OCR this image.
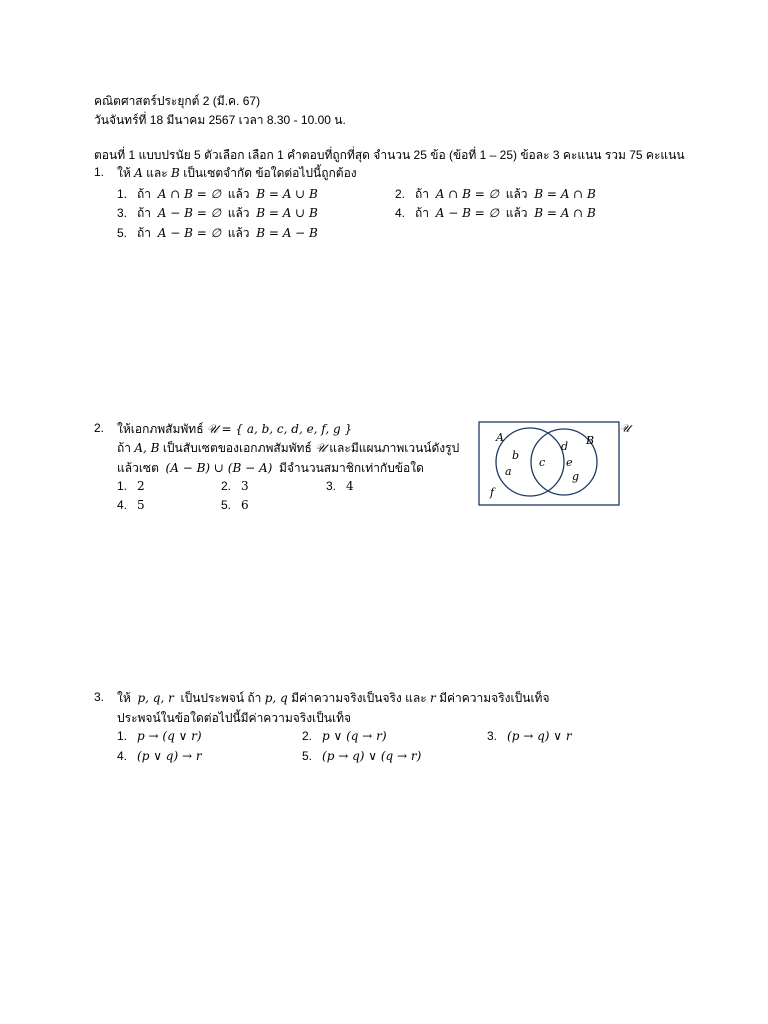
คณิตศาสตร์ประยุกต์ 2 (มี.ค. 67)
วันจันทร์ที่ 18 มีนาคม 2567 เวลา 8.30 - 10.00 น.
ตอนที่ 1 แบบปรนัย 5 ตัวเลือก เลือก 1 คำตอบที่ถูกที่สุด จำนวน 25 ข้อ (ข้อที่ 1 – 25) ข้อละ 3 คะแนน รวม 75 คะแนน
1. ให้ A และ B เป็นเซตจำกัด ข้อใดต่อไปนี้ถูกต้อง
1. ถ้า A ∩ B = ∅ แล้ว B = A ∪ B	2. ถ้า A ∩ B = ∅ แล้ว B = A ∩ B
3. ถ้า A − B = ∅ แล้ว B = A ∪ B	4. ถ้า A − B = ∅ แล้ว B = A ∩ B
5. ถ้า A − B = ∅ แล้ว B = A − B
2. ให้เอกภพสัมพัทธ์ 𝒰 = { a, b, c, d, e, f, g }
ถ้า A, B เป็นสับเซตของเอกภพสัมพัทธ์ 𝒰 และมีแผนภาพเวนน์ดังรูป
แล้วเซต (A − B) ∪ (B − A) มีจำนวนสมาชิกเท่ากับข้อใด
1. 2	2. 3	3. 4
4. 5	5. 6
𝒰
A	B
a
b
c
d
e
f
g
3. ให้ p, q, r เป็นประพจน์ ถ้า p, q มีค่าความจริงเป็นจริง และ r มีค่าความจริงเป็นเท็จ
ประพจน์ในข้อใดต่อไปนี้มีค่าความจริงเป็นเท็จ
1. p → (q ∨ r)	2. p ∨ (q → r)	3. (p → q) ∨ r
4. (p ∨ q) → r	5. (p → q) ∨ (q → r)
